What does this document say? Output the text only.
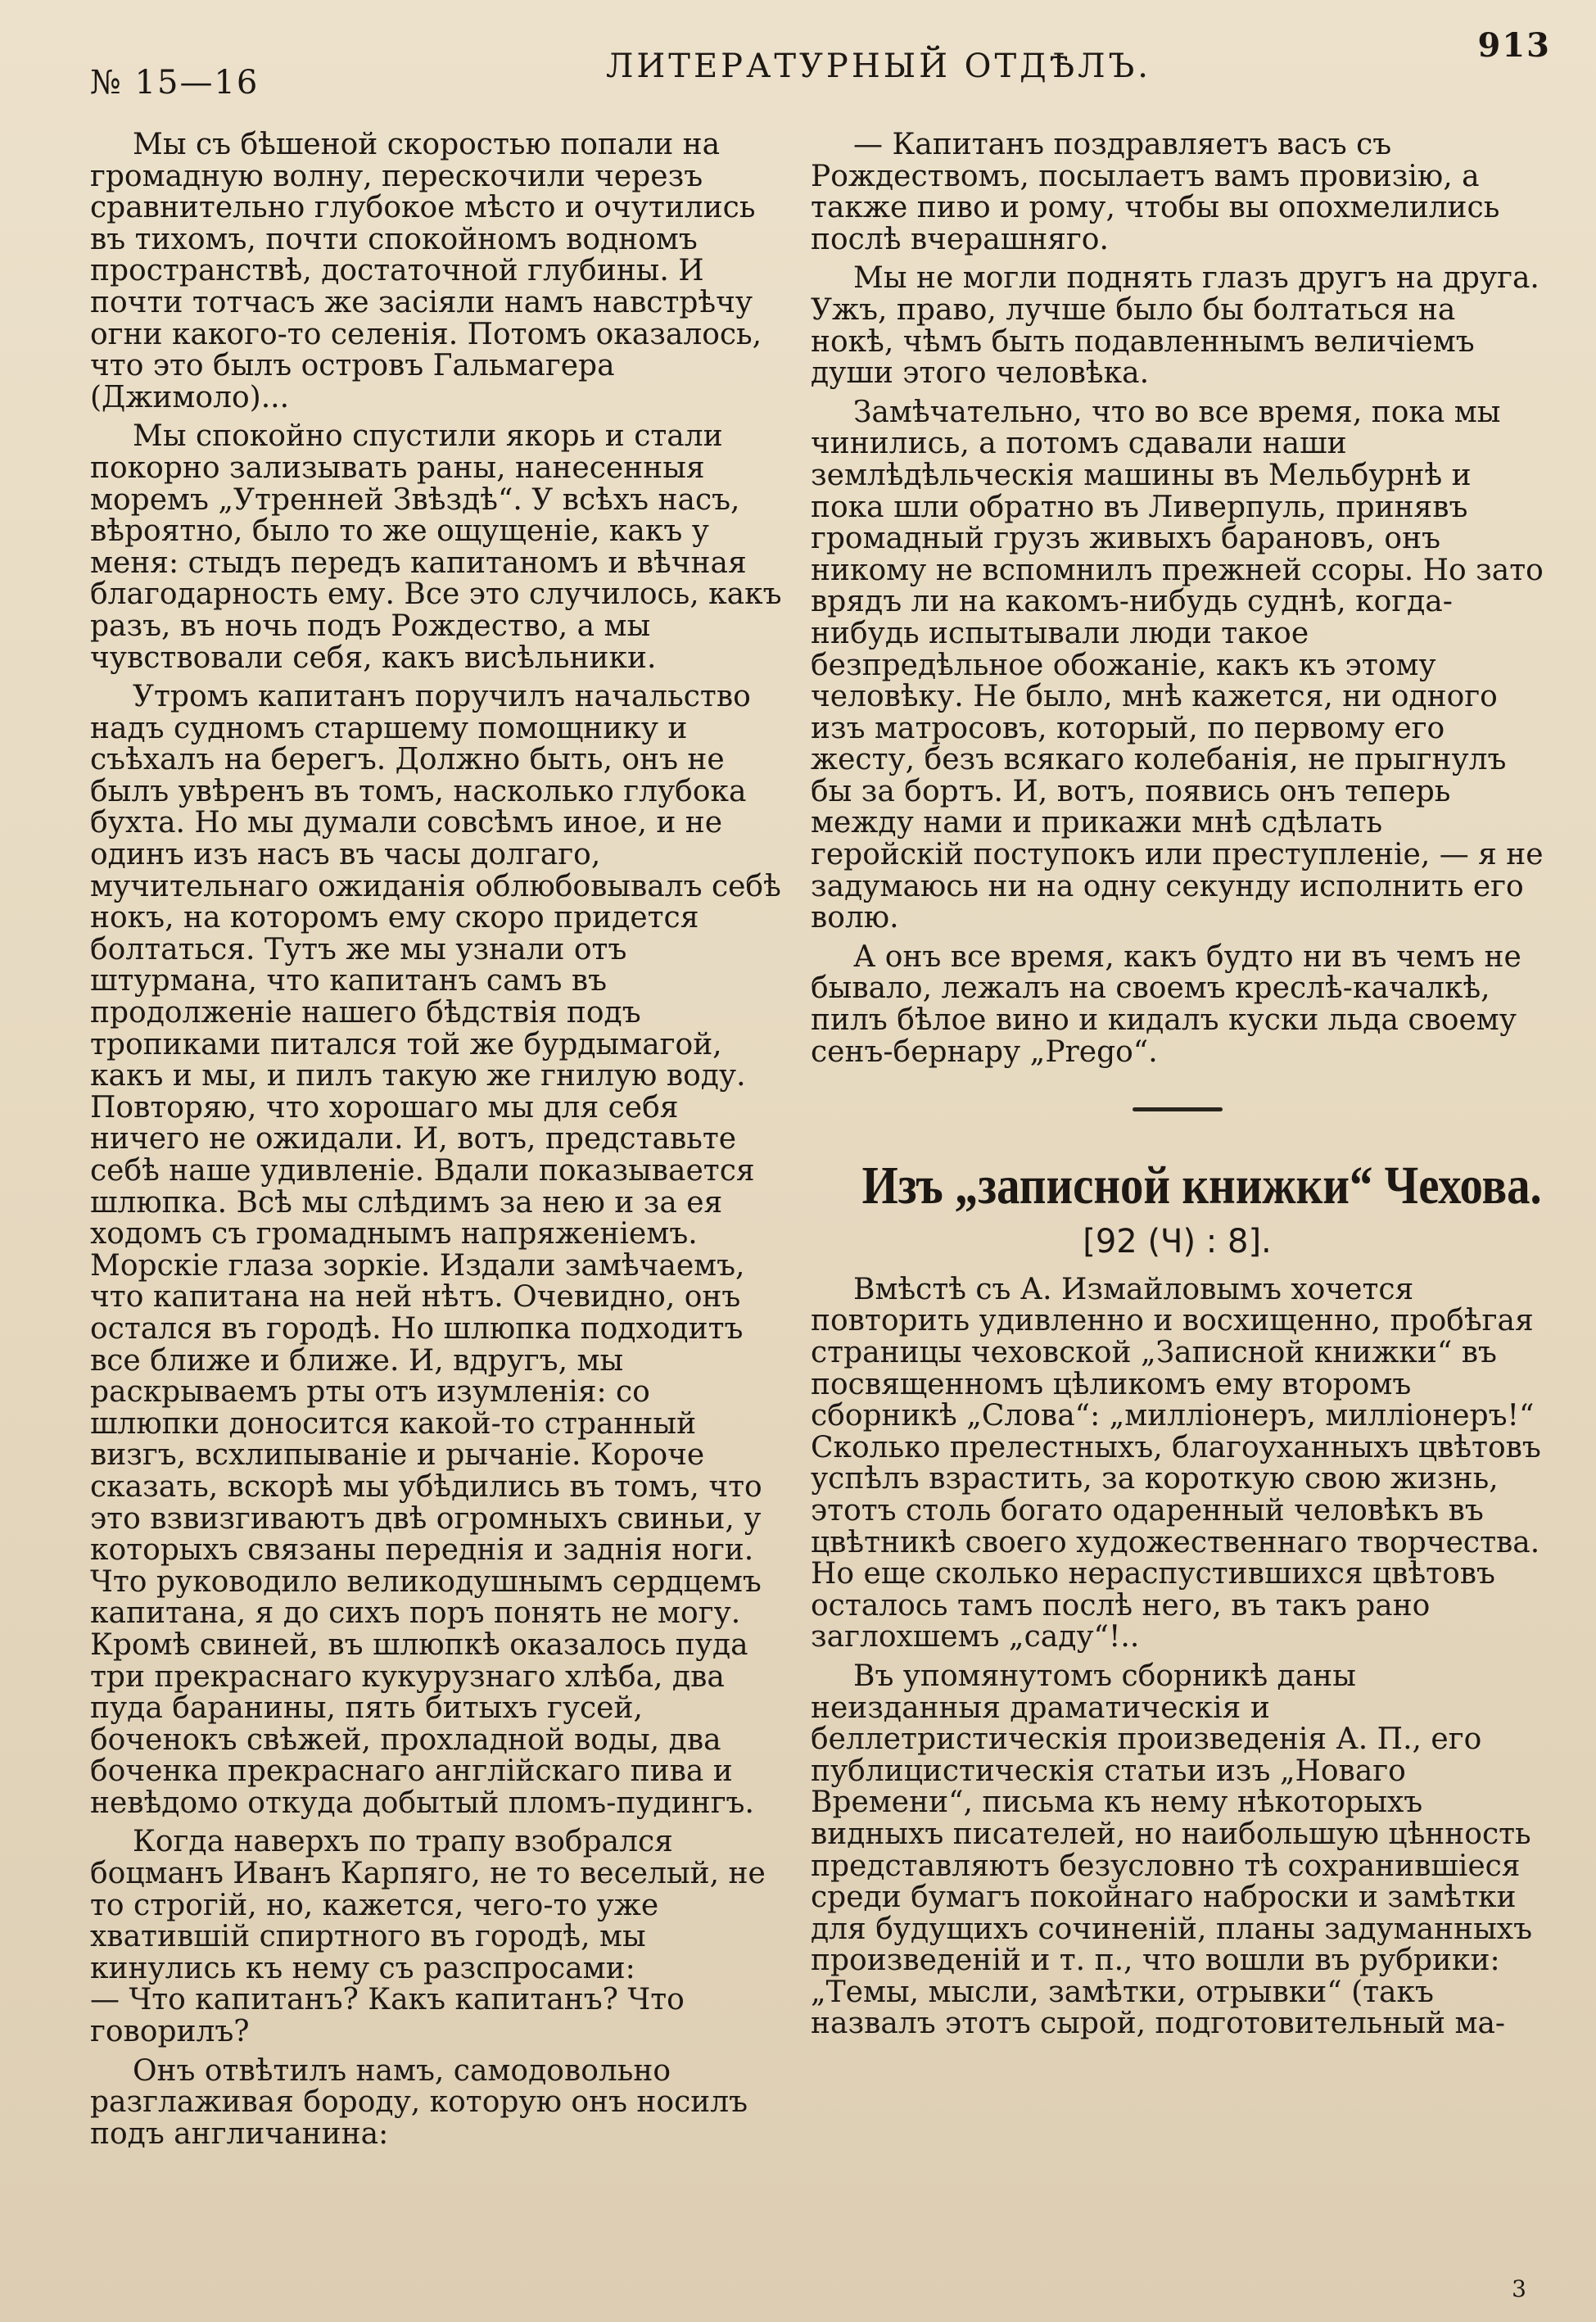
№ 15—16	ЛИТЕРАТУРНЫЙ ОТДѢЛЪ.
913

Мы съ бѣшеной скоростью попали на громадную волну, перескочили черезъ сравнительно глубокое мѣсто и очутились въ тихомъ, почти спокойномъ водномъ пространствѣ, достаточной глубины. И почти тотчасъ же засіяли намъ навстрѣчу огни какого-то селенія. Потомъ оказалось, что это былъ островъ Гальмагера (Джимоло)...

Мы спокойно спустили якорь и стали покорно зализывать раны, нанесенныя моремъ „Утренней Звѣздѣ“. У всѣхъ насъ, вѣроятно, было то же ощущеніе, какъ у меня: стыдъ передъ капитаномъ и вѣчная благодарность ему. Все это случилось, какъ разъ, въ ночь подъ Рождество, а мы чувствовали себя, какъ висѣльники.

Утромъ капитанъ поручилъ начальство надъ судномъ старшему помощнику и съѣхалъ на берегъ. Должно быть, онъ не былъ увѣренъ въ томъ, насколько глубока бухта. Но мы думали совсѣмъ иное, и не одинъ изъ насъ въ часы долгаго, мучительнаго ожиданія облюбовывалъ себѣ нокъ, на которомъ ему скоро придется болтаться. Тутъ же мы узнали отъ штурмана, что капитанъ самъ въ продолженіе нашего бѣдствія подъ тропиками питался той же бурдымагой, какъ и мы, и пилъ такую же гнилую воду. Повторяю, что хорошаго мы для себя ничего не ожидали. И, вотъ, представьте себѣ наше удивленіе. Вдали показывается шлюпка. Всѣ мы слѣдимъ за нею и за ея ходомъ съ громаднымъ напряженіемъ. Морскіе глаза зоркіе. Издали замѣчаемъ, что капитана на ней нѣтъ. Очевидно, онъ остался въ городѣ. Но шлюпка подходитъ все ближе и ближе. И, вдругъ, мы раскрываемъ рты отъ изумленія: со шлюпки доносится какой-то странный визгъ, всхлипываніе и рычаніе. Короче сказать, вскорѣ мы убѣдились въ томъ, что это взвизгиваютъ двѣ огромныхъ свиньи, у которыхъ связаны переднія и заднія ноги. Что руководило великодушнымъ сердцемъ капитана, я до сихъ поръ понять не могу. Кромѣ свиней, въ шлюпкѣ оказалось пуда три прекраснаго кукурузнаго хлѣба, два пуда баранины, пять битыхъ гусей, боченокъ свѣжей, прохладной воды, два боченка прекраснаго англійскаго пива и невѣдомо откуда добытый пломъ-пудингъ.

Когда наверхъ по трапу взобрался боцманъ Иванъ Карпяго, не то веселый, не то строгій, но, кажется, чего-то уже хватившій спиртного въ городѣ, мы кинулись къ нему съ разспросами:
— Что капитанъ? Какъ капитанъ? Что говорилъ?

Онъ отвѣтилъ намъ, самодовольно разглаживая бороду, которую онъ носилъ подъ англичанина:

— Капитанъ поздравляетъ васъ съ Рождествомъ, посылаетъ вамъ провизію, а также пиво и рому, чтобы вы опохмелились послѣ вчерашняго.

Мы не могли поднять глазъ другъ на друга. Ужъ, право, лучше было бы болтаться на нокѣ, чѣмъ быть подавленнымъ величіемъ души этого человѣка.

Замѣчательно, что во все время, пока мы чинились, а потомъ сдавали наши землѣдѣльческія машины въ Мельбурнѣ и пока шли обратно въ Ливерпуль, принявъ громадный грузъ живыхъ барановъ, онъ никому не вспомнилъ прежней ссоры. Но зато врядъ ли на какомъ-нибудь суднѣ, когда-нибудь испытывали люди такое безпредѣльное обожаніе, какъ къ этому человѣку. Не было, мнѣ кажется, ни одного изъ матросовъ, который, по первому его жесту, безъ всякаго колебанія, не прыгнулъ бы за бортъ. И, вотъ, появись онъ теперь между нами и прикажи мнѣ сдѣлать геройскій поступокъ или преступленіе, — я не задумаюсь ни на одну секунду исполнить его волю.

А онъ все время, какъ будто ни въ чемъ не бывало, лежалъ на своемъ креслѣ-качалкѣ, пилъ бѣлое вино и кидалъ куски льда своему сенъ-бернару „Prego“.

Изъ „записной книжки“ Чехова.
[92 (Ч) : 8].

Вмѣстѣ съ А. Измайловымъ хочется повторить удивленно и восхищенно, пробѣгая страницы чеховской „Записной книжки“ въ посвященномъ цѣликомъ ему второмъ сборникѣ „Слова“: „милліонеръ, милліонеръ!“ Сколько прелестныхъ, благоуханныхъ цвѣтовъ успѣлъ взрастить, за короткую свою жизнь, этотъ столь богато одаренный человѣкъ въ цвѣтникѣ своего художественнаго творчества. Но еще сколько нераспустившихся цвѣтовъ осталось тамъ послѣ него, въ такъ рано заглохшемъ „саду“!..

Въ упомянутомъ сборникѣ даны неизданныя драматическія и беллетристическія произведенія А. П., его публицистическія статьи изъ „Новаго Времени“, письма къ нему нѣкоторыхъ видныхъ писателей, но наибольшую цѣнность представляютъ безусловно тѣ сохранившіеся среди бумагъ покойнаго наброски и замѣтки для будущихъ сочиненій, планы задуманныхъ произведеній и т. п., что вошли въ рубрики: „Темы, мысли, замѣтки, отрывки“ (такъ назвалъ этотъ сырой, подготовительный ма-

3
